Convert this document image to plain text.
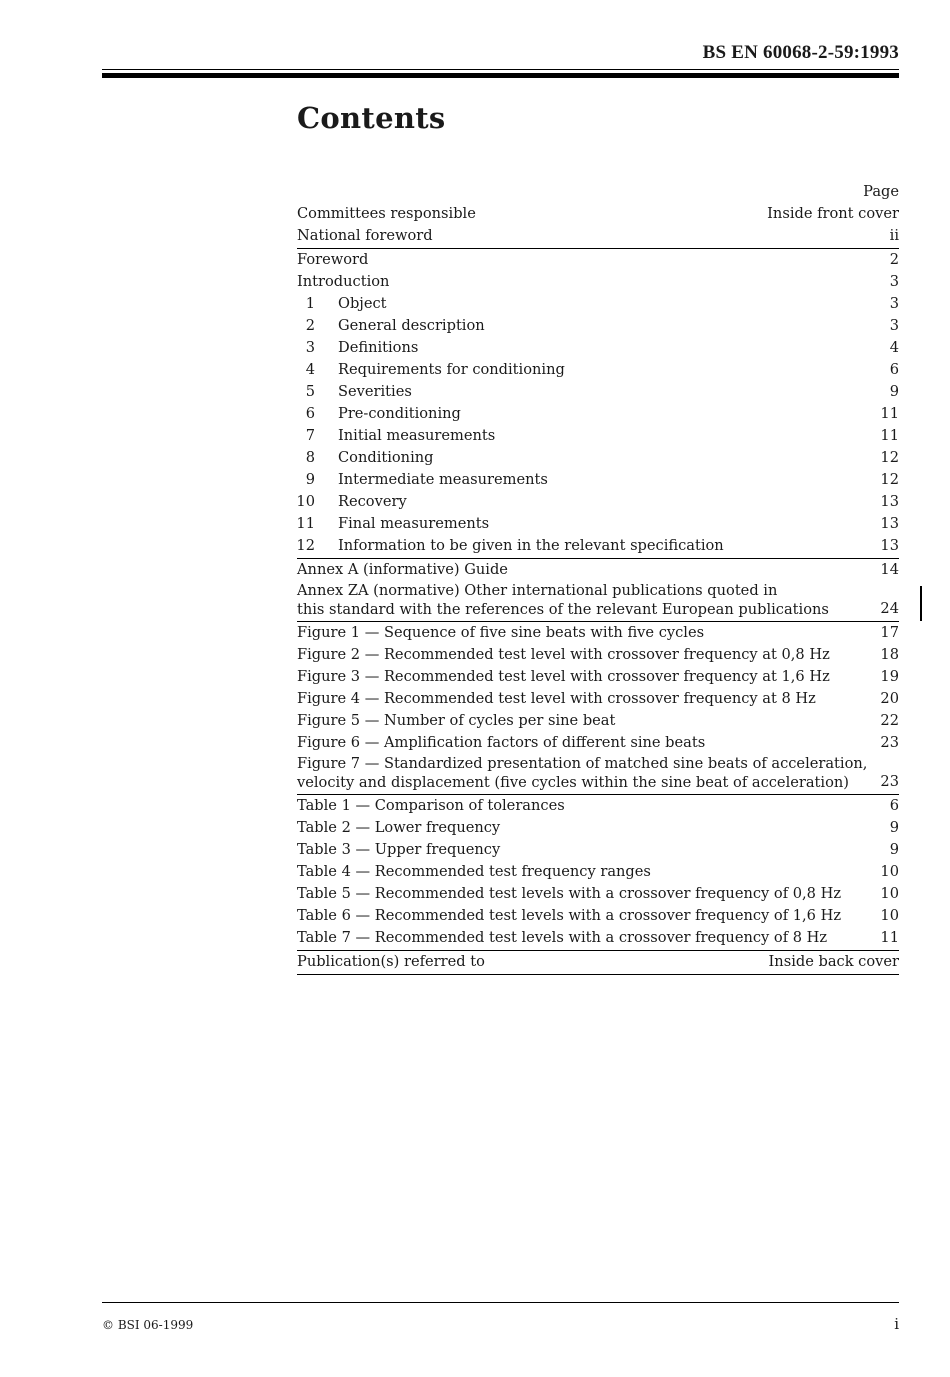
BS EN 60068-2-59:1993
Contents
Page
Committees responsible	Inside front cover
National foreword	ii
Foreword	2
Introduction	3
1 Object	3
2 General description	3
3 Definitions	4
4 Requirements for conditioning	6
5 Severities	9
6 Pre-conditioning	11
7 Initial measurements	11
8 Conditioning	12
9 Intermediate measurements	12
10 Recovery	13
11 Final measurements	13
12 Information to be given in the relevant specification	13
Annex A (informative) Guide	14
Annex ZA (normative) Other international publications quoted in
this standard with the references of the relevant European publications	24
Figure 1 — Sequence of five sine beats with five cycles	17
Figure 2 — Recommended test level with crossover frequency at 0,8 Hz	18
Figure 3 — Recommended test level with crossover frequency at 1,6 Hz	19
Figure 4 — Recommended test level with crossover frequency at 8 Hz	20
Figure 5 — Number of cycles per sine beat	22
Figure 6 — Amplification factors of different sine beats	23
Figure 7 — Standardized presentation of matched sine beats of acceleration,
velocity and displacement (five cycles within the sine beat of acceleration)	23
Table 1 — Comparison of tolerances	6
Table 2 — Lower frequency	9
Table 3 — Upper frequency	9
Table 4 — Recommended test frequency ranges	10
Table 5 — Recommended test levels with a crossover frequency of 0,8 Hz	10
Table 6 — Recommended test levels with a crossover frequency of 1,6 Hz	10
Table 7 — Recommended test levels with a crossover frequency of 8 Hz	11
Publication(s) referred to	Inside back cover
© BSI 06-1999	i
